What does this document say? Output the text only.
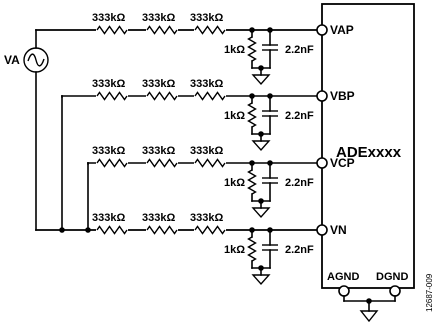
ADExxxx
12687-009
VA
333kΩ 333kΩ 333kΩ
1kΩ	2.2nF
VAP
333kΩ 333kΩ 333kΩ
1kΩ	2.2nF
VBP
333kΩ 333kΩ 333kΩ
1kΩ	2.2nF
VCP
333kΩ 333kΩ 333kΩ
1kΩ	2.2nF
VN
AGND DGND
